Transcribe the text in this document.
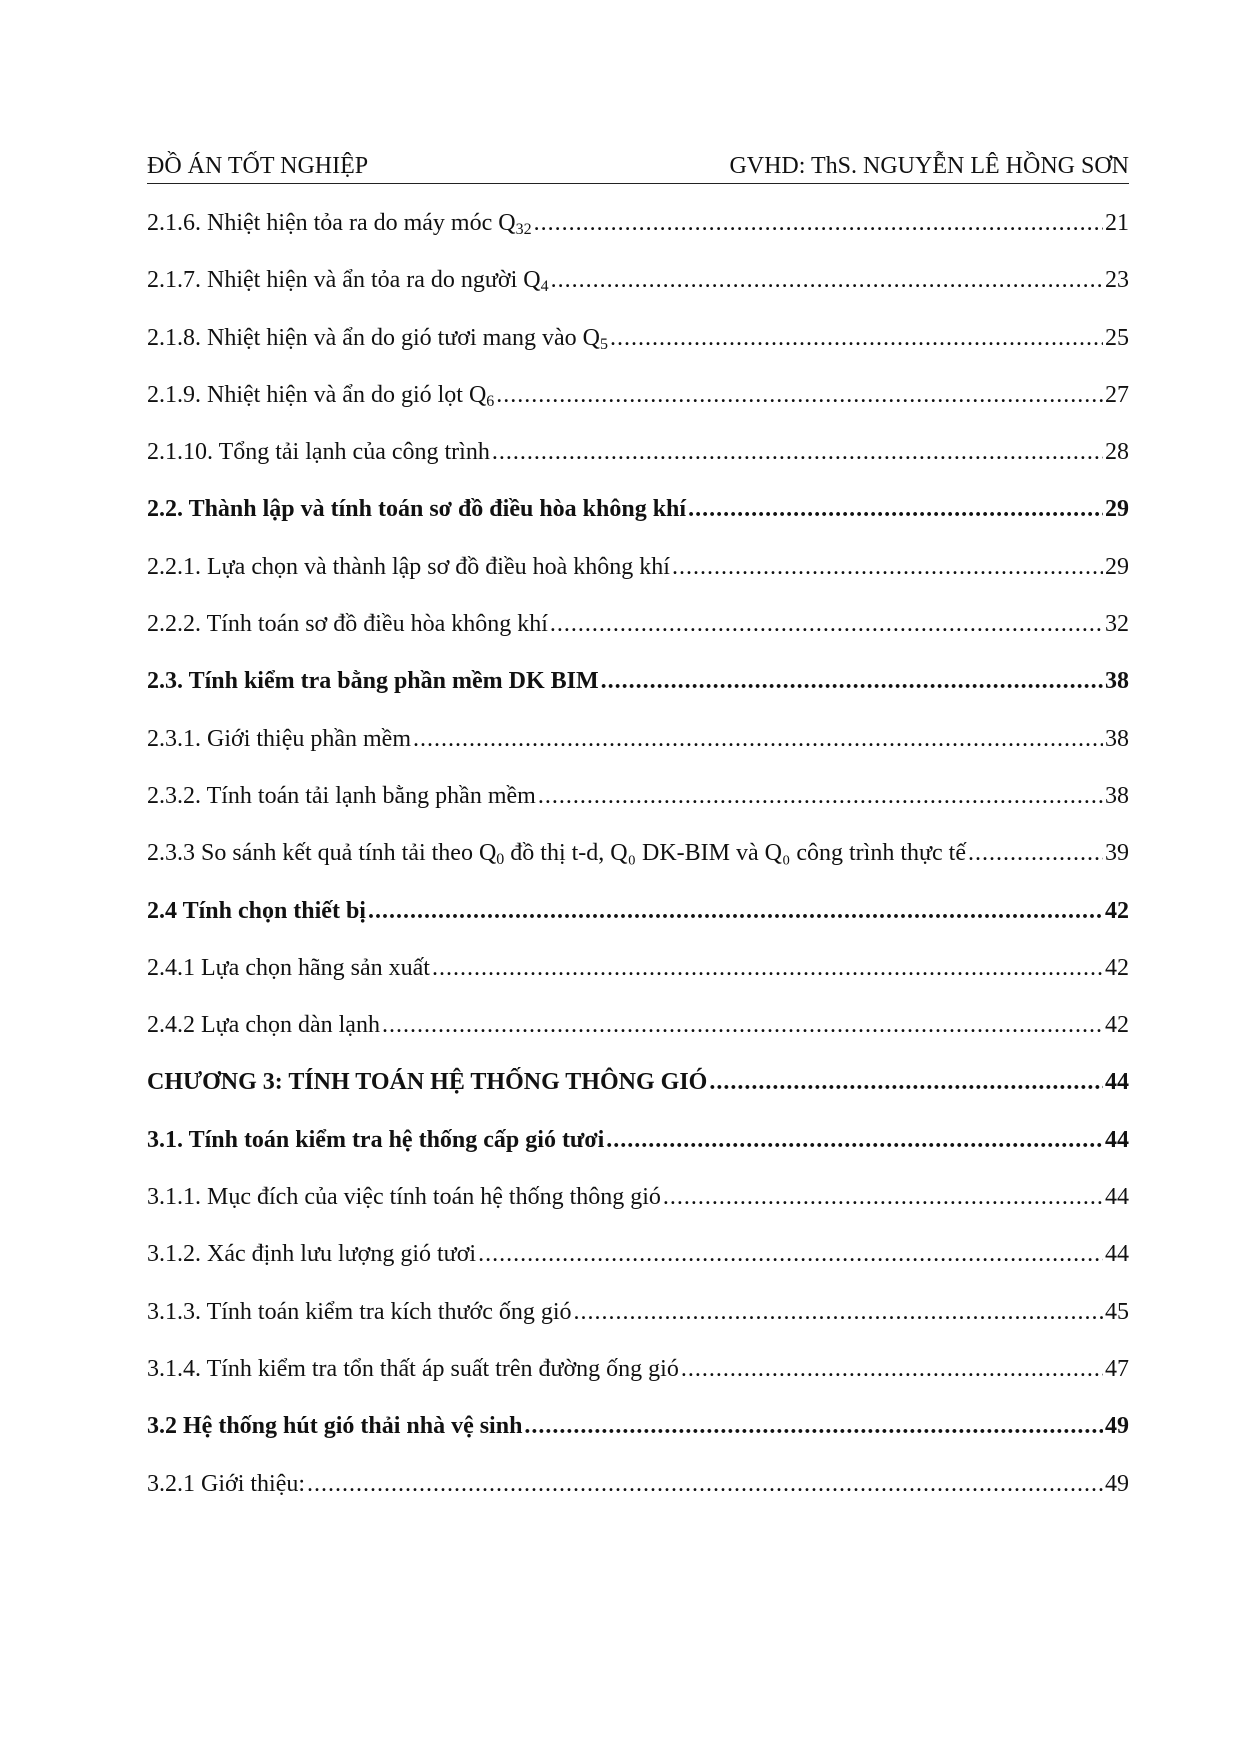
ĐỒ ÁN TỐT NGHIỆP	GVHD: ThS. NGUYỄN LÊ HỒNG SƠN
2.1.6. Nhiệt hiện tỏa ra do máy móc $Q_{32}$ .....	21
2.1.7. Nhiệt hiện và ẩn tỏa ra do người $Q_4$ .....	23
2.1.8. Nhiệt hiện và ẩn do gió tươi mang vào $Q_5$ .....	25
2.1.9. Nhiệt hiện và ẩn do gió lọt $Q_6$ .....	27
2.1.10. Tổng tải lạnh của công trình .....	28
2.2. Thành lập và tính toán sơ đồ điều hòa không khí .....	29
2.2.1. Lựa chọn và thành lập sơ đồ điều hoà không khí .....	29
2.2.2. Tính toán sơ đồ điều hòa không khí .....	32
2.3. Tính kiểm tra bằng phần mềm DK BIM .....	38
2.3.1. Giới thiệu phần mềm .....	38
2.3.2. Tính toán tải lạnh bằng phần mềm .....	38
2.3.3 So sánh kết quả tính tải theo $Q_0$ đồ thị t-d, Q₀ DK-BIM và Q₀ công trình thực tế .....	39
2.4 Tính chọn thiết bị .....	42
2.4.1 Lựa chọn hãng sản xuất .....	42
2.4.2 Lựa chọn dàn lạnh .....	42
CHƯƠNG 3: TÍNH TOÁN HỆ THỐNG THÔNG GIÓ .....	44
3.1. Tính toán kiểm tra hệ thống cấp gió tươi .....	44
3.1.1. Mục đích của việc tính toán hệ thống thông gió .....	44
3.1.2. Xác định lưu lượng gió tươi .....	44
3.1.3. Tính toán kiểm tra kích thước ống gió .....	45
3.1.4. Tính kiểm tra tổn thất áp suất trên đường ống gió .....	47
3.2 Hệ thống hút gió thải nhà vệ sinh .....	49
3.2.1 Giới thiệu: .....	49
